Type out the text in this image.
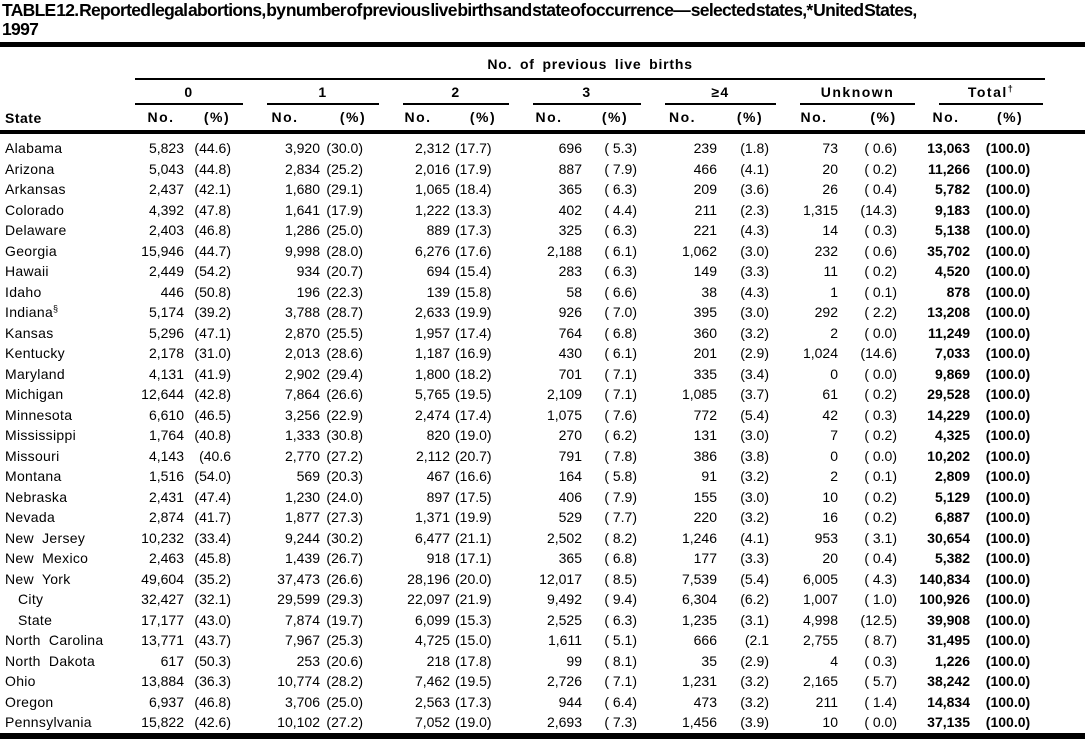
TABLE 12. Reported legal abortions, by number of previous live births and state of occurrence— selected states,* United States,
1997
State	No. of previous live births														

	0		1		2		3		≥4		Unknown		Total†

	No.	(%)	No.	(%)	No.	(%)	No.	(%)	No.	(%)	No.	(%)	No.	(%)	
Alabama	5,823	(44.6)	3,920	(30.0)	2,312	(17.7)	696	( 5.3)	239	(1.8)	73	( 0.6)	13,063	(100.0)	
Arizona	5,043	(44.8)	2,834	(25.2)	2,016	(17.9)	887	( 7.9)	466	(4.1)	20	( 0.2)	11,266	(100.0)	
Arkansas	2,437	(42.1)	1,680	(29.1)	1,065	(18.4)	365	( 6.3)	209	(3.6)	26	( 0.4)	5,782	(100.0)	
Colorado	4,392	(47.8)	1,641	(17.9)	1,222	(13.3)	402	( 4.4)	211	(2.3)	1,315	(14.3)	9,183	(100.0)	
Delaware	2,403	(46.8)	1,286	(25.0)	889	(17.3)	325	( 6.3)	221	(4.3)	14	( 0.3)	5,138	(100.0)	
Georgia	15,946	(44.7)	9,998	(28.0)	6,276	(17.6)	2,188	( 6.1)	1,062	(3.0)	232	( 0.6)	35,702	(100.0)	
Hawaii	2,449	(54.2)	934	(20.7)	694	(15.4)	283	( 6.3)	149	(3.3)	11	( 0.2)	4,520	(100.0)	
Idaho	446	(50.8)	196	(22.3)	139	(15.8)	58	( 6.6)	38	(4.3)	1	( 0.1)	878	(100.0)	
Indiana§	5,174	(39.2)	3,788	(28.7)	2,633	(19.9)	926	( 7.0)	395	(3.0)	292	( 2.2)	13,208	(100.0)	
Kansas	5,296	(47.1)	2,870	(25.5)	1,957	(17.4)	764	( 6.8)	360	(3.2)	2	( 0.0)	11,249	(100.0)	
Kentucky	2,178	(31.0)	2,013	(28.6)	1,187	(16.9)	430	( 6.1)	201	(2.9)	1,024	(14.6)	7,033	(100.0)	
Maryland	4,131	(41.9)	2,902	(29.4)	1,800	(18.2)	701	( 7.1)	335	(3.4)	0	( 0.0)	9,869	(100.0)	
Michigan	12,644	(42.8)	7,864	(26.6)	5,765	(19.5)	2,109	( 7.1)	1,085	(3.7)	61	( 0.2)	29,528	(100.0)	
Minnesota	6,610	(46.5)	3,256	(22.9)	2,474	(17.4)	1,075	( 7.6)	772	(5.4)	42	( 0.3)	14,229	(100.0)	
Mississippi	1,764	(40.8)	1,333	(30.8)	820	(19.0)	270	( 6.2)	131	(3.0)	7	( 0.2)	4,325	(100.0)	
Missouri	4,143	(40.6	2,770	(27.2)	2,112	(20.7)	791	( 7.8)	386	(3.8)	0	( 0.0)	10,202	(100.0)	
Montana	1,516	(54.0)	569	(20.3)	467	(16.6)	164	( 5.8)	91	(3.2)	2	( 0.1)	2,809	(100.0)	
Nebraska	2,431	(47.4)	1,230	(24.0)	897	(17.5)	406	( 7.9)	155	(3.0)	10	( 0.2)	5,129	(100.0)	
Nevada	2,874	(41.7)	1,877	(27.3)	1,371	(19.9)	529	( 7.7)	220	(3.2)	16	( 0.2)	6,887	(100.0)	
New Jersey	10,232	(33.4)	9,244	(30.2)	6,477	(21.1)	2,502	( 8.2)	1,246	(4.1)	953	( 3.1)	30,654	(100.0)	
New Mexico	2,463	(45.8)	1,439	(26.7)	918	(17.1)	365	( 6.8)	177	(3.3)	20	( 0.4)	5,382	(100.0)	
New York	49,604	(35.2)	37,473	(26.6)	28,196	(20.0)	12,017	( 8.5)	7,539	(5.4)	6,005	( 4.3)	140,834	(100.0)	
City	32,427	(32.1)	29,599	(29.3)	22,097	(21.9)	9,492	( 9.4)	6,304	(6.2)	1,007	( 1.0)	100,926	(100.0)	
State	17,177	(43.0)	7,874	(19.7)	6,099	(15.3)	2,525	( 6.3)	1,235	(3.1)	4,998	(12.5)	39,908	(100.0)	
North Carolina	13,771	(43.7)	7,967	(25.3)	4,725	(15.0)	1,611	( 5.1)	666	(2.1	2,755	( 8.7)	31,495	(100.0)	
North Dakota	617	(50.3)	253	(20.6)	218	(17.8)	99	( 8.1)	35	(2.9)	4	( 0.3)	1,226	(100.0)	
Ohio	13,884	(36.3)	10,774	(28.2)	7,462	(19.5)	2,726	( 7.1)	1,231	(3.2)	2,165	( 5.7)	38,242	(100.0)	
Oregon	6,937	(46.8)	3,706	(25.0)	2,563	(17.3)	944	( 6.4)	473	(3.2)	211	( 1.4)	14,834	(100.0)	
Pennsylvania	15,822	(42.6)	10,102	(27.2)	7,052	(19.0)	2,693	( 7.3)	1,456	(3.9)	10	( 0.0)	37,135	(100.0)	
